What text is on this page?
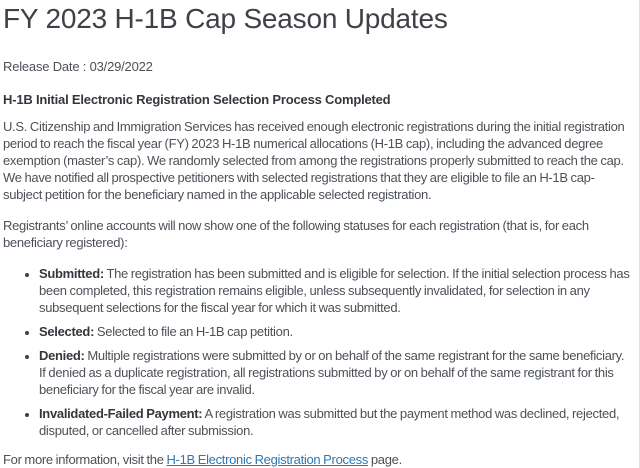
FY 2023 H-1B Cap Season Updates

Release Date : 03/29/2022

H-1B Initial Electronic Registration Selection Process Completed

U.S. Citizenship and Immigration Services has received enough electronic registrations during the initial registration period to reach the fiscal year (FY) 2023 H-1B numerical allocations (H-1B cap), including the advanced degree exemption (master’s cap). We randomly selected from among the registrations properly submitted to reach the cap. We have notified all prospective petitioners with selected registrations that they are eligible to file an H-1B cap-subject petition for the beneficiary named in the applicable selected registration.

Registrants’ online accounts will now show one of the following statuses for each registration (that is, for each beneficiary registered):

• Submitted: The registration has been submitted and is eligible for selection. If the initial selection process has been completed, this registration remains eligible, unless subsequently invalidated, for selection in any subsequent selections for the fiscal year for which it was submitted.
• Selected: Selected to file an H-1B cap petition.
• Denied: Multiple registrations were submitted by or on behalf of the same registrant for the same beneficiary. If denied as a duplicate registration, all registrations submitted by or on behalf of the same registrant for this beneficiary for the fiscal year are invalid.
• Invalidated-Failed Payment: A registration was submitted but the payment method was declined, rejected, disputed, or cancelled after submission.

For more information, visit the H-1B Electronic Registration Process page.
